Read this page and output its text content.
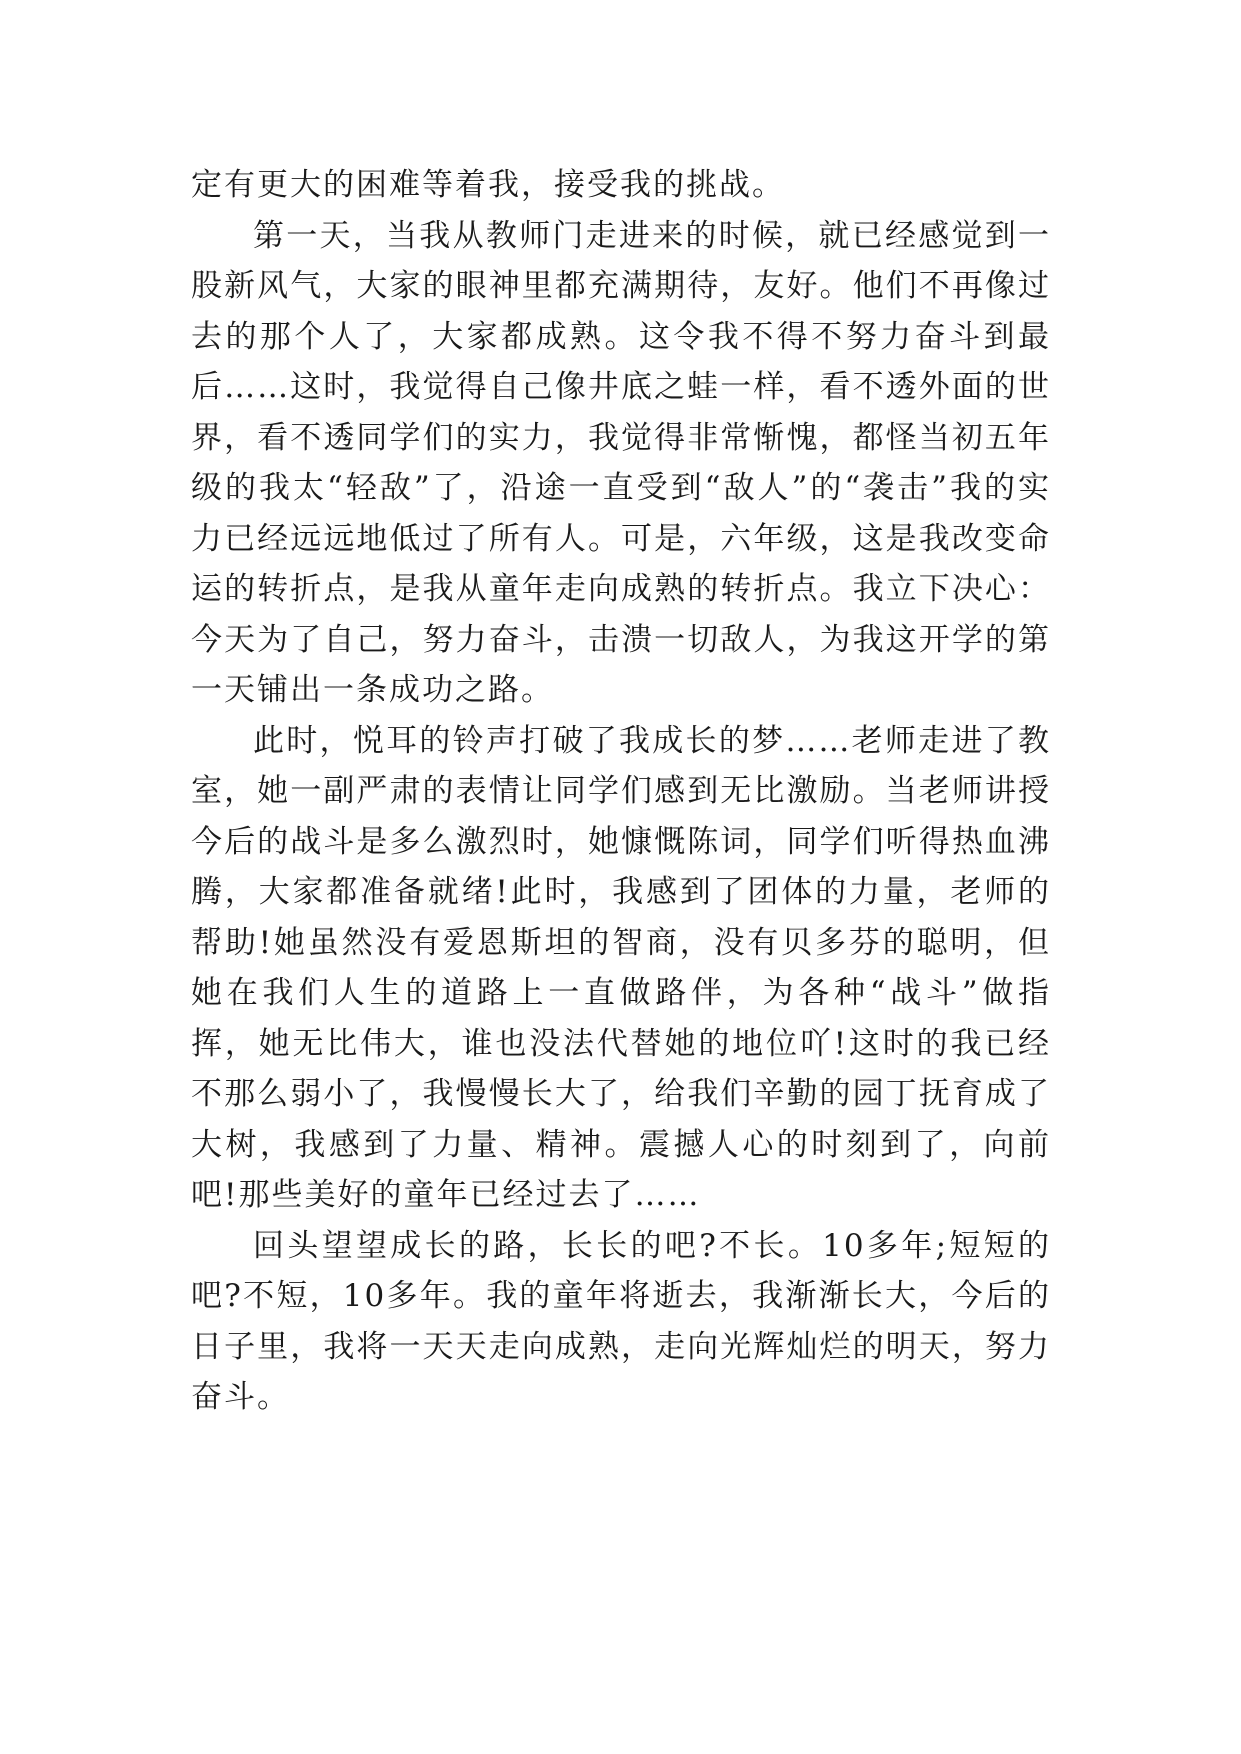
定有更大的困难等着我，接受我的挑战。

第一天，当我从教师门走进来的时候，就已经感觉到一股新风气，大家的眼神里都充满期待，友好。他们不再像过去的那个人了，大家都成熟。这令我不得不努力奋斗到最后……这时，我觉得自己像井底之蛙一样，看不透外面的世界，看不透同学们的实力，我觉得非常惭愧，都怪当初五年级的我太“轻敌”了，沿途一直受到“敌人”的“袭击”我的实力已经远远地低过了所有人。可是，六年级，这是我改变命运的转折点，是我从童年走向成熟的转折点。我立下决心：今天为了自己，努力奋斗，击溃一切敌人，为我这开学的第一天铺出一条成功之路。

此时，悦耳的铃声打破了我成长的梦……老师走进了教室，她一副严肃的表情让同学们感到无比激励。当老师讲授今后的战斗是多么激烈时，她慷慨陈词，同学们听得热血沸腾，大家都准备就绪!此时，我感到了团体的力量，老师的帮助!她虽然没有爱恩斯坦的智商，没有贝多芬的聪明，但她在我们人生的道路上一直做路伴，为各种“战斗”做指挥，她无比伟大，谁也没法代替她的地位吖!这时的我已经不那么弱小了，我慢慢长大了，给我们辛勤的园丁抚育成了大树，我感到了力量、精神。震撼人心的时刻到了，向前吧!那些美好的童年已经过去了……

回头望望成长的路，长长的吧?不长。10多年;短短的吧?不短，10多年。我的童年将逝去，我渐渐长大，今后的日子里，我将一天天走向成熟，走向光辉灿烂的明天，努力奋斗。
